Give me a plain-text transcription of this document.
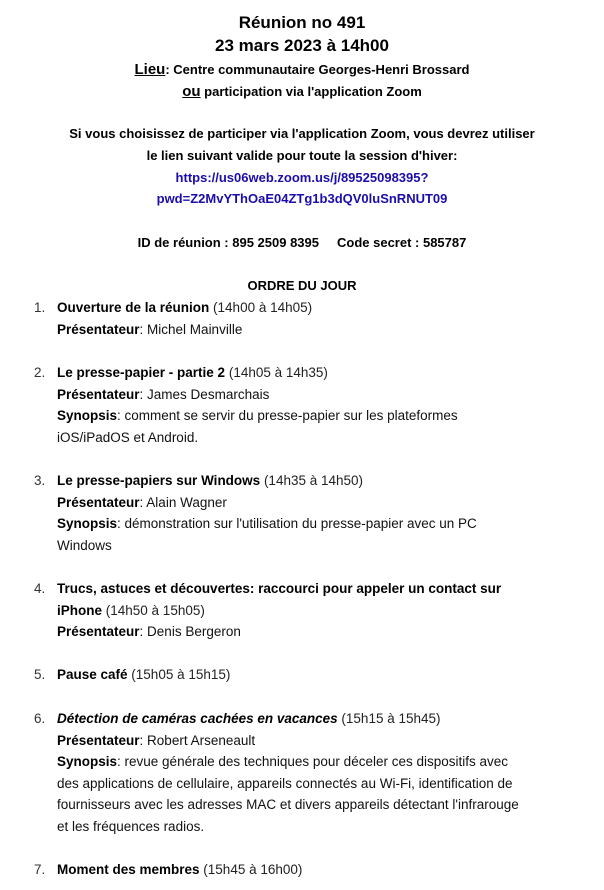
Réunion no 491
23 mars 2023 à 14h00
Lieu: Centre communautaire Georges-Henri Brossard
ou participation via l'application Zoom
Si vous choisissez de participer via l'application Zoom, vous devrez utiliser
le lien suivant valide pour toute la session d'hiver:
https://us06web.zoom.us/j/89525098395?
pwd=Z2MvYThOaE04ZTg1b3dQV0luSnRNUT09
ID de réunion : 895 2509 8395 Code secret : 585787
ORDRE DU JOUR
1. Ouverture de la réunion (14h00 à 14h05)
Présentateur: Michel Mainville
2. Le presse-papier - partie 2 (14h05 à 14h35)
Présentateur: James Desmarchais
Synopsis: comment se servir du presse-papier sur les plateformes
iOS/iPadOS et Android.
3. Le presse-papiers sur Windows (14h35 à 14h50)
Présentateur: Alain Wagner
Synopsis: démonstration sur l'utilisation du presse-papier avec un PC
Windows
4. Trucs, astuces et découvertes: raccourci pour appeler un contact sur
iPhone (14h50 à 15h05)
Présentateur: Denis Bergeron
5. Pause café (15h05 à 15h15)
6. Détection de caméras cachées en vacances (15h15 à 15h45)
Présentateur: Robert Arseneault
Synopsis: revue générale des techniques pour déceler ces dispositifs avec
des applications de cellulaire, appareils connectés au Wi-Fi, identification de
fournisseurs avec les adresses MAC et divers appareils détectant l'infrarouge
et les fréquences radios.
7. Moment des membres (15h45 à 16h00)
